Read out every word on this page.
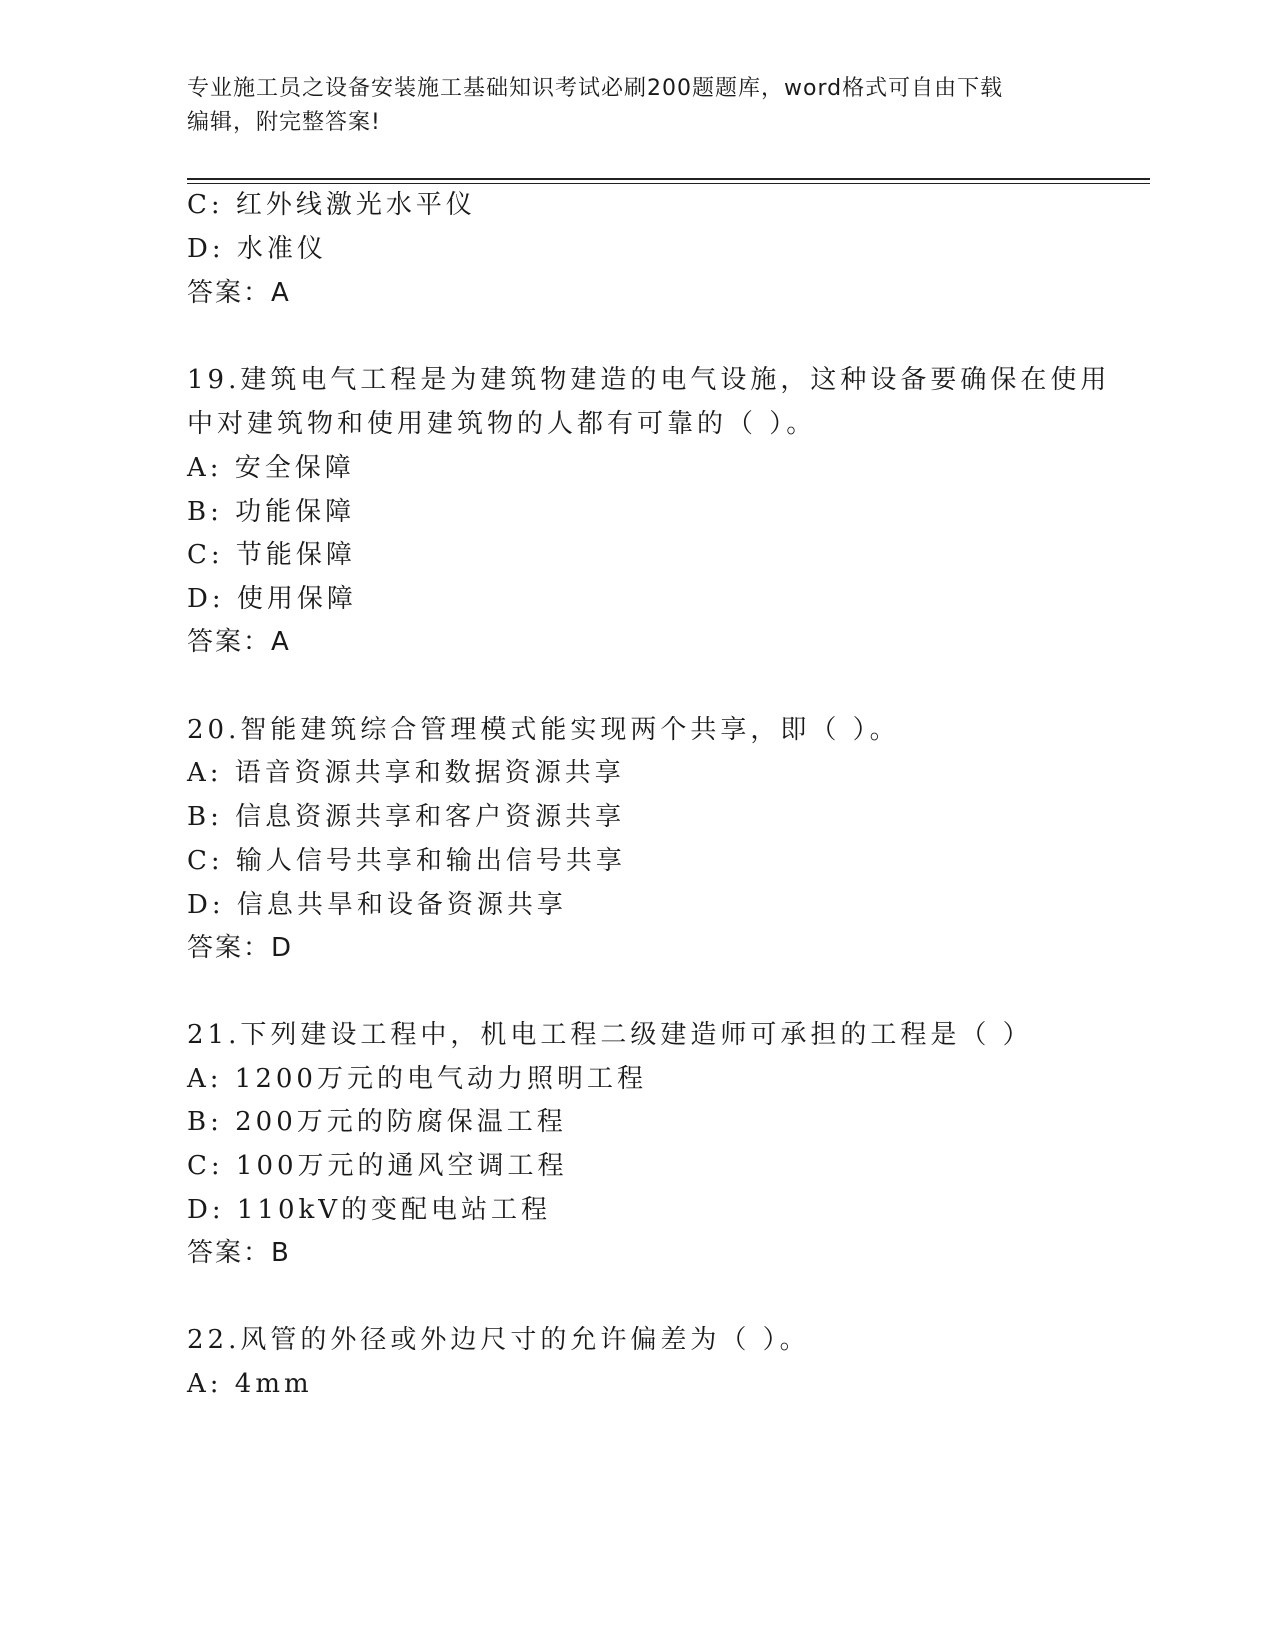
专业施工员之设备安装施工基础知识考试必刷200题题库，word格式可自由下载
编辑，附完整答案!
C: 红外线激光水平仪
D: 水准仪
答案：A
19.建筑电气工程是为建筑物建造的电气设施，这种设备要确保在使用
中对建筑物和使用建筑物的人都有可靠的（ ）。
A: 安全保障
B: 功能保障
C: 节能保障
D: 使用保障
答案：A
20.智能建筑综合管理模式能实现两个共享，即（ ）。
A: 语音资源共享和数据资源共享
B: 信息资源共享和客户资源共享
C: 输人信号共享和输出信号共享
D: 信息共旱和设备资源共享
答案：D
21.下列建设工程中，机电工程二级建造师可承担的工程是（ ）
A: 1200万元的电气动力照明工程
B: 200万元的防腐保温工程
C: 100万元的通风空调工程
D: 110kV的变配电站工程
答案：B
22.风管的外径或外边尺寸的允许偏差为（ ）。
A: 4mm
